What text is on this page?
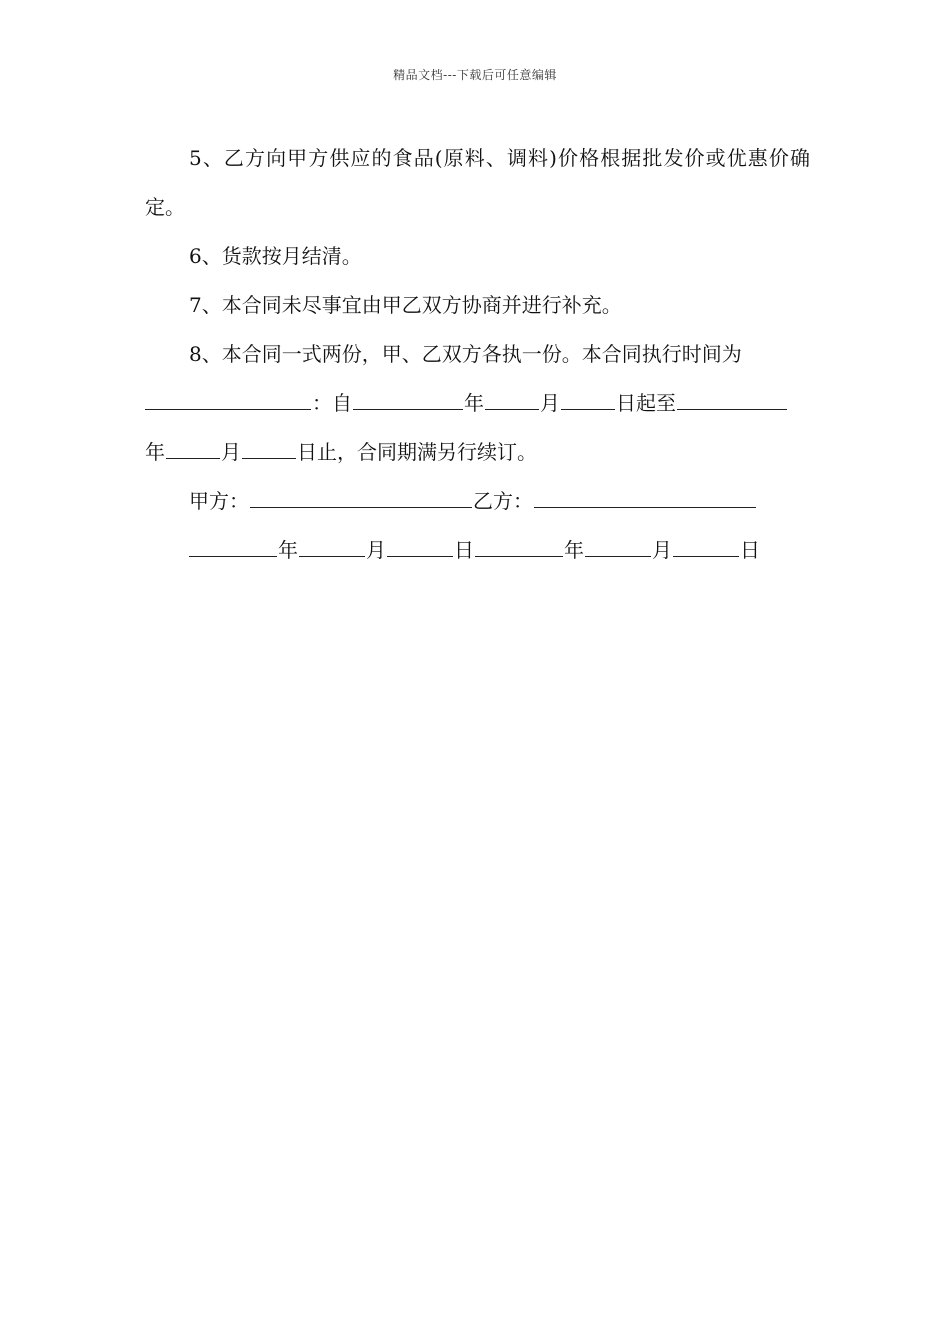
精品文档---下载后可任意编辑

5、乙方向甲方供应的食品(原料、调料)价格根据批发价或优惠价确定。

6、货款按月结清。

7、本合同未尽事宜由甲乙双方协商并进行补充。

8、本合同一式两份，甲、乙双方各执一份。本合同执行时间为

：自	年	月	日起至
年	月	日止，合同期满另行续订。
甲方：	乙方：
年	月	日	年	月	日
